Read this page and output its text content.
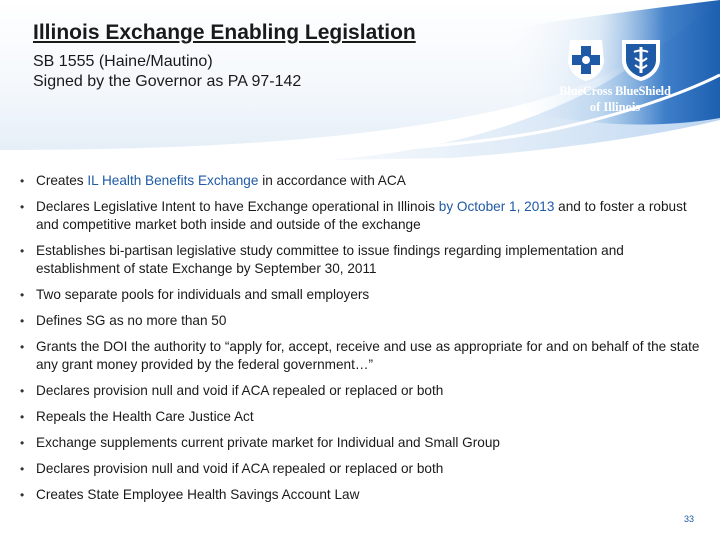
Illinois Exchange Enabling Legislation
SB 1555 (Haine/Mautino)
Signed by the Governor as PA 97-142
BlueCross BlueShield
of Illinois
• Creates IL Health Benefits Exchange in accordance with ACA
• Declares Legislative Intent to have Exchange operational in Illinois by October 1, 2013 and to foster a robust and competitive market both inside and outside of the exchange
• Establishes bi-partisan legislative study committee to issue findings regarding implementation and establishment of state Exchange by September 30, 2011
• Two separate pools for individuals and small employers
• Defines SG as no more than 50
• Grants the DOI the authority to “apply for, accept, receive and use as appropriate for and on behalf of the state any grant money provided by the federal government…”
• Declares provision null and void if ACA repealed or replaced or both
• Repeals the Health Care Justice Act
• Exchange supplements current private market for Individual and Small Group
• Declares provision null and void if ACA repealed or replaced or both
• Creates State Employee Health Savings Account Law
33
